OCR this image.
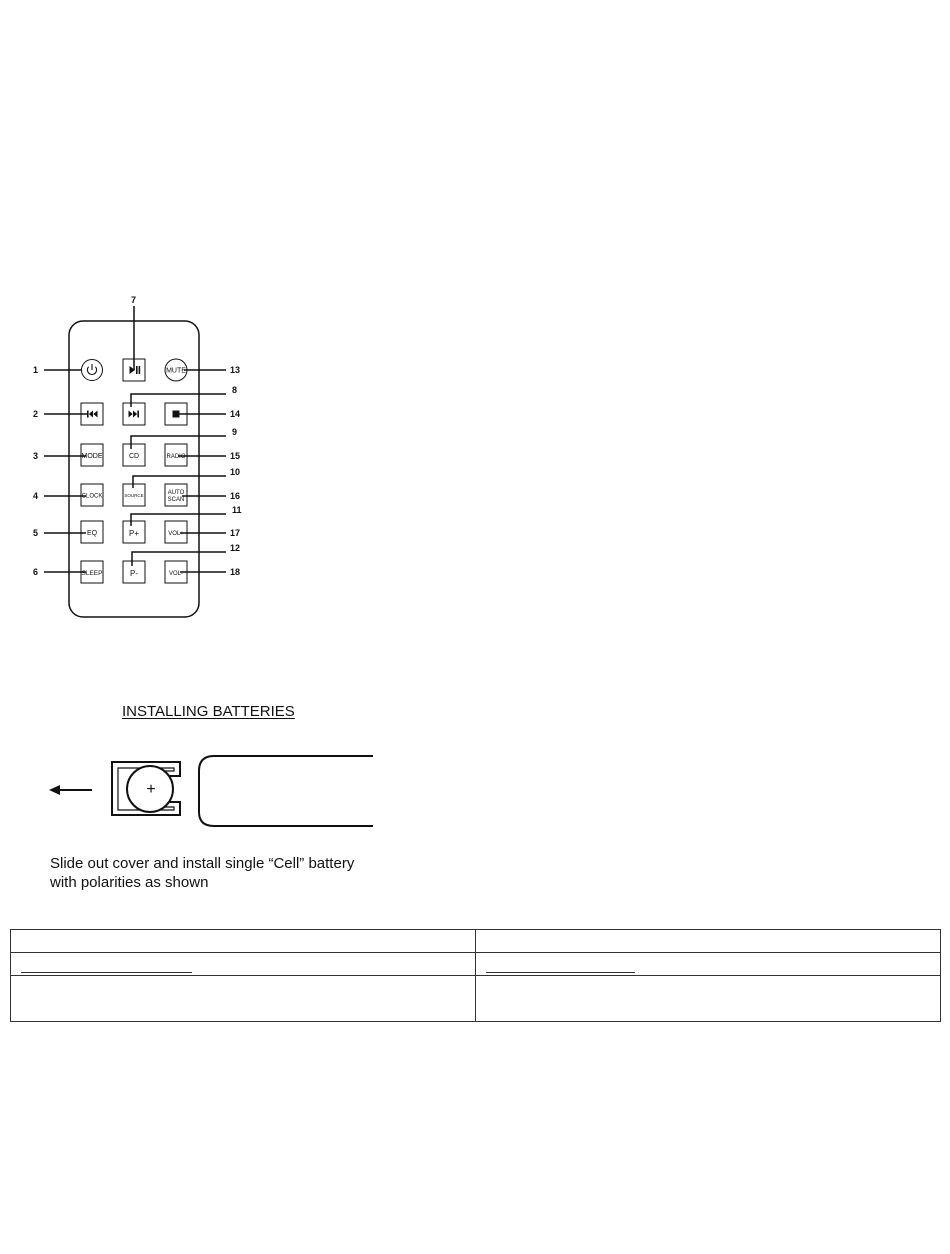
MUTE
MODE	CD	RADIO
CLOCK	SOURCE	AUTO
SCAN
EQ	P+	VOL+
SLEEP	P-	VOL-
1
2
3
4
5
6
7
8
9
10
11
12
13
14
15
16
17
18
+
INSTALLING BATTERIES
Slide out cover and install single “Cell” battery
with polarities as shown
